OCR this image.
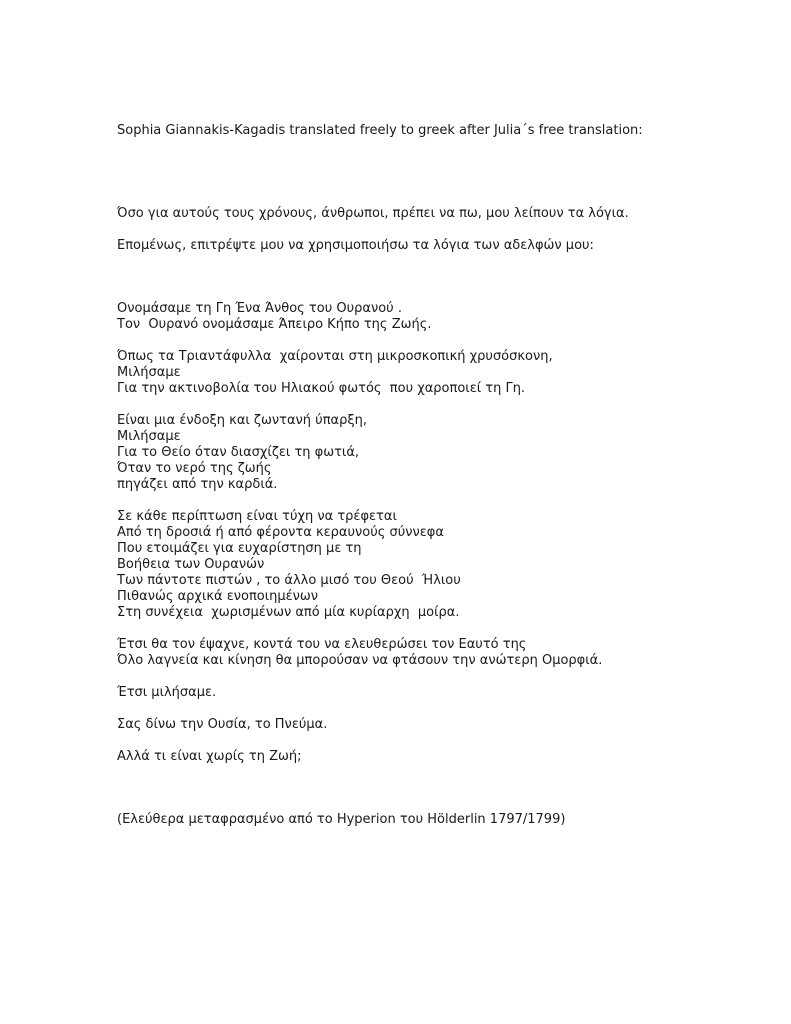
Sophia Giannakis-Kagadis translated freely to greek after Julia´s free translation:

Όσο για αυτούς τους χρόνους, άνθρωποι, πρέπει να πω, μου λείπουν τα λόγια.

Επομένως, επιτρέψτε μου να χρησιμοποιήσω τα λόγια των αδελφών μου:

Ονομάσαμε τη Γη Ένα Άνθος του Ουρανού .

Τον  Ουρανό ονομάσαμε Άπειρο Κήπο της Ζωής.

Όπως τα Τριαντάφυλλα  χαίρονται στη μικροσκοπική χρυσόσκονη,

Μιλήσαμε

Για την ακτινοβολία του Ηλιακού φωτός  που χαροποιεί τη Γη.

Είναι μια ένδοξη και ζωντανή ύπαρξη,

Μιλήσαμε

Για το Θείο όταν διασχίζει τη φωτιά,

Όταν το νερό της ζωής

πηγάζει από την καρδιά.

Σε κάθε περίπτωση είναι τύχη να τρέφεται

Από τη δροσιά ή από φέροντα κεραυνούς σύννεφα

Που ετοιμάζει για ευχαρίστηση με τη

Βοήθεια των Ουρανών

Των πάντοτε πιστών , το άλλο μισό του Θεού  Ήλιου

Πιθανώς αρχικά ενοποιημένων

Στη συνέχεια  χωρισμένων από μία κυρίαρχη  μοίρα.

Έτσι θα τον έψαχνε, κοντά του να ελευθερώσει τον Εαυτό της

Όλο λαγνεία και κίνηση θα μπορούσαν να φτάσουν την ανώτερη Ομορφιά.

Έτσι μιλήσαμε.

Σας δίνω την Ουσία, το Πνεύμα.

Αλλά τι είναι χωρίς τη Ζωή;

(Ελεύθερα μεταφρασμένο από το Hyperion του Hölderlin 1797/1799)
